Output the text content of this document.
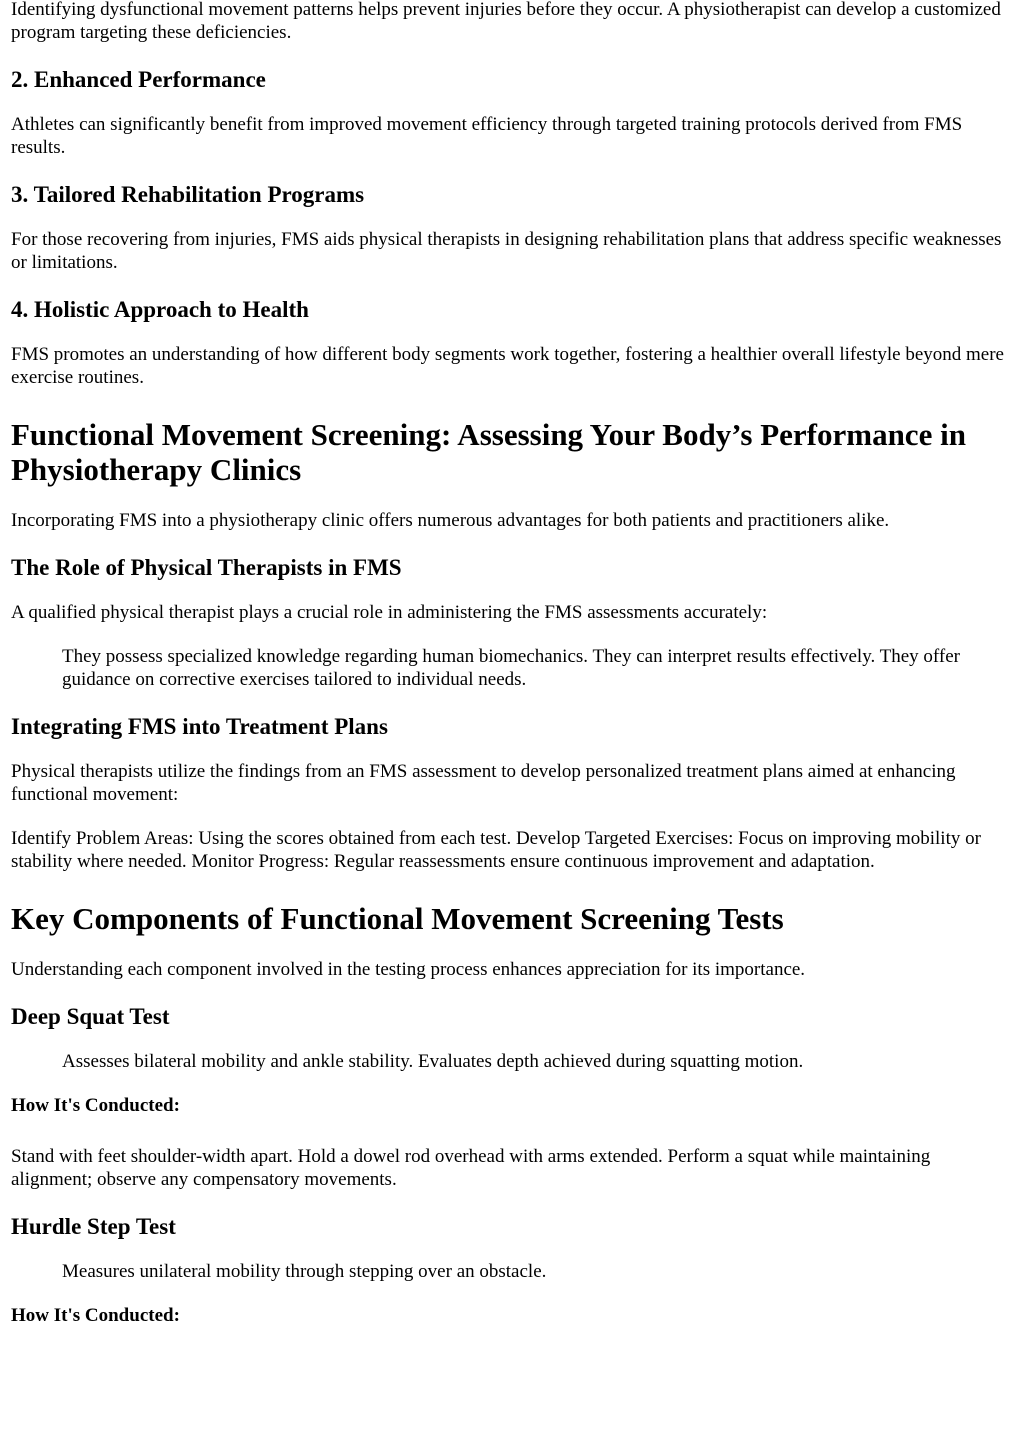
Identifying dysfunctional movement patterns helps prevent injuries before they occur. A physiotherapist can develop a customized program targeting these deficiencies.

2. Enhanced Performance

Athletes can significantly benefit from improved movement efficiency through targeted training protocols derived from FMS results.

3. Tailored Rehabilitation Programs

For those recovering from injuries, FMS aids physical therapists in designing rehabilitation plans that address specific weaknesses or limitations.

4. Holistic Approach to Health

FMS promotes an understanding of how different body segments work together, fostering a healthier overall lifestyle beyond mere exercise routines.

Functional Movement Screening: Assessing Your Body’s Performance in Physiotherapy Clinics

Incorporating FMS into a physiotherapy clinic offers numerous advantages for both patients and practitioners alike.

The Role of Physical Therapists in FMS

A qualified physical therapist plays a crucial role in administering the FMS assessments accurately:

They possess specialized knowledge regarding human biomechanics. They can interpret results effectively. They offer guidance on corrective exercises tailored to individual needs.
Integrating FMS into Treatment Plans

Physical therapists utilize the findings from an FMS assessment to develop personalized treatment plans aimed at enhancing functional movement:

Identify Problem Areas: Using the scores obtained from each test. Develop Targeted Exercises: Focus on improving mobility or stability where needed. Monitor Progress: Regular reassessments ensure continuous improvement and adaptation.

Key Components of Functional Movement Screening Tests

Understanding each component involved in the testing process enhances appreciation for its importance.

Deep Squat Test
Assesses bilateral mobility and ankle stability. Evaluates depth achieved during squatting motion.
How It's Conducted:

Stand with feet shoulder-width apart. Hold a dowel rod overhead with arms extended. Perform a squat while maintaining alignment; observe any compensatory movements.

Hurdle Step Test
Measures unilateral mobility through stepping over an obstacle.
How It's Conducted:
